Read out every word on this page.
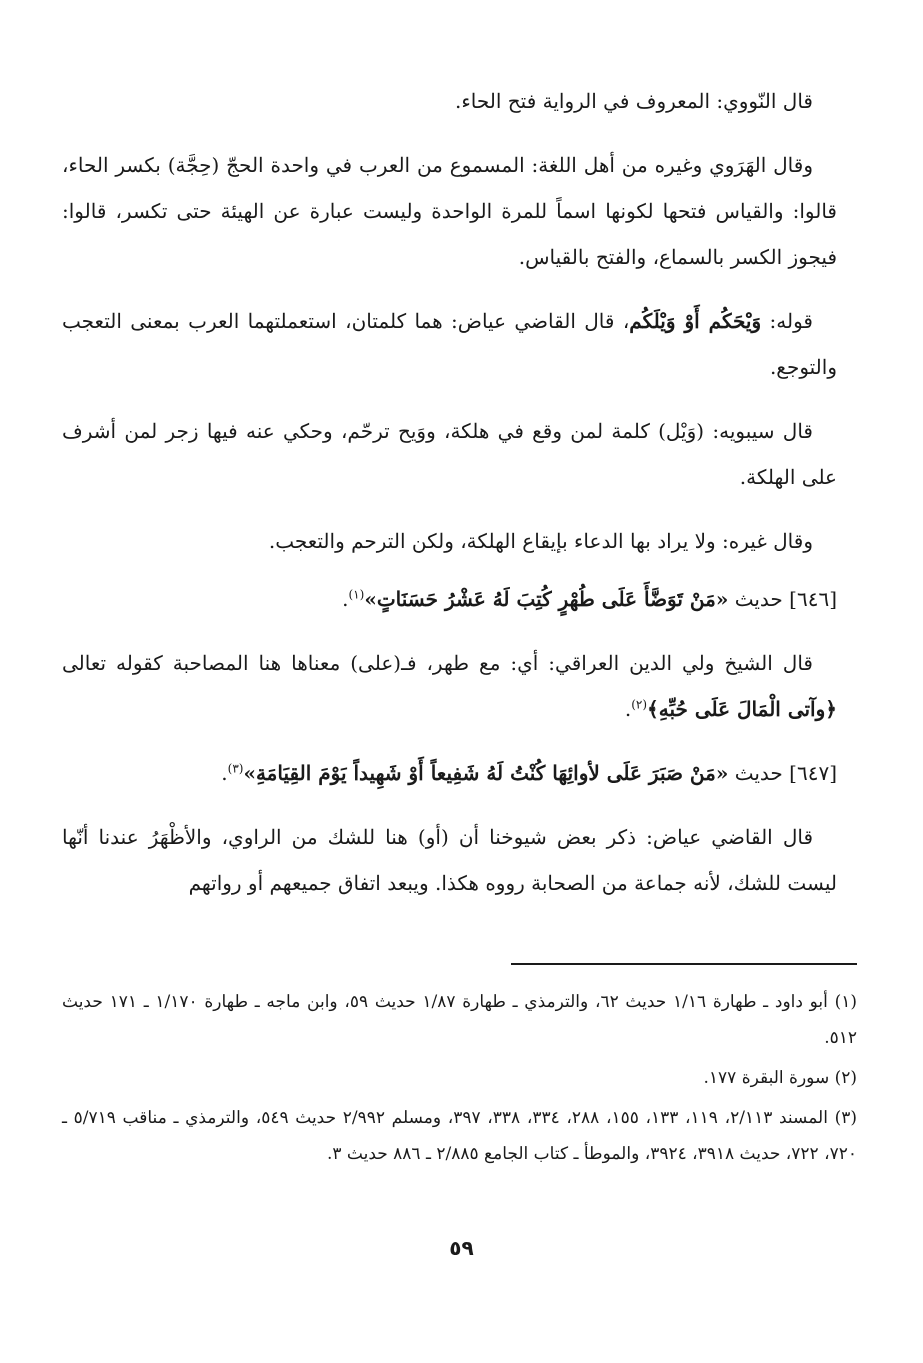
قال النّووي: المعروف في الرواية فتح الحاء.

وقال الهَرَوي وغيره من أهل اللغة: المسموع من العرب في واحدة الحجّ (حِجَّة) بكسر الحاء، قالوا: والقياس فتحها لكونها اسماً للمرة الواحدة وليست عبارة عن الهيئة حتى تكسر، قالوا: فيجوز الكسر بالسماع، والفتح بالقياس.

قوله: وَيْحَكُم أَوْ وَيْلَكُم، قال القاضي عياض: هما كلمتان، استعملتهما العرب بمعنى التعجب والتوجع.

قال سيبويه: (وَيْل) كلمة لمن وقع في هلكة، ووَيح ترحّم، وحكي عنه فيها زجر لمن أشرف على الهلكة.

وقال غيره: ولا يراد بها الدعاء بإيقاع الهلكة، ولكن الترحم والتعجب.

[٦٤٦] حديث «مَنْ تَوَضَّأَ عَلَى طُهْرٍ كُتِبَ لَهُ عَشْرُ حَسَنَاتٍ»$^{(١)}$.

قال الشيخ ولي الدين العراقي: أي: مع طهر، فـ(على) معناها هنا المصاحبة كقوله تعالى ﴿وآتى الْمَالَ عَلَى حُبِّهِ﴾$^{(٢)}$.

[٦٤٧] حديث «مَنْ صَبَرَ عَلَى لأوائِهَا كُنْتُ لَهُ شَفِيعاً أَوْ شَهِيداً يَوْمَ القِيَامَةِ»$^{(٣)}$.

قال القاضي عياض: ذكر بعض شيوخنا أن (أو) هنا للشك من الراوي، والأظْهَرُ عندنا أنّها ليست للشك، لأنه جماعة من الصحابة رووه هكذا. ويبعد اتفاق جميعهم أو رواتهم

(١) أبو داود ـ طهارة ١/١٦ حديث ٦٢، والترمذي ـ طهارة ١/٨٧ حديث ٥٩، وابن ماجه ـ طهارة ١/١٧٠ ـ ١٧١ حديث ٥١٢.

(٢) سورة البقرة ١٧٧.

(٣) المسند ٢/١١٣، ١١٩، ١٣٣، ١٥٥، ٢٨٨، ٣٣٤، ٣٣٨، ٣٩٧، ومسلم ٢/٩٩٢ حديث ٥٤٩، والترمذي ـ مناقب ٥/٧١٩ ـ ٧٢٠، ٧٢٢، حديث ٣٩١٨، ٣٩٢٤، والموطأ ـ كتاب الجامع ٢/٨٨٥ ـ ٨٨٦ حديث ٣.

٥٩
